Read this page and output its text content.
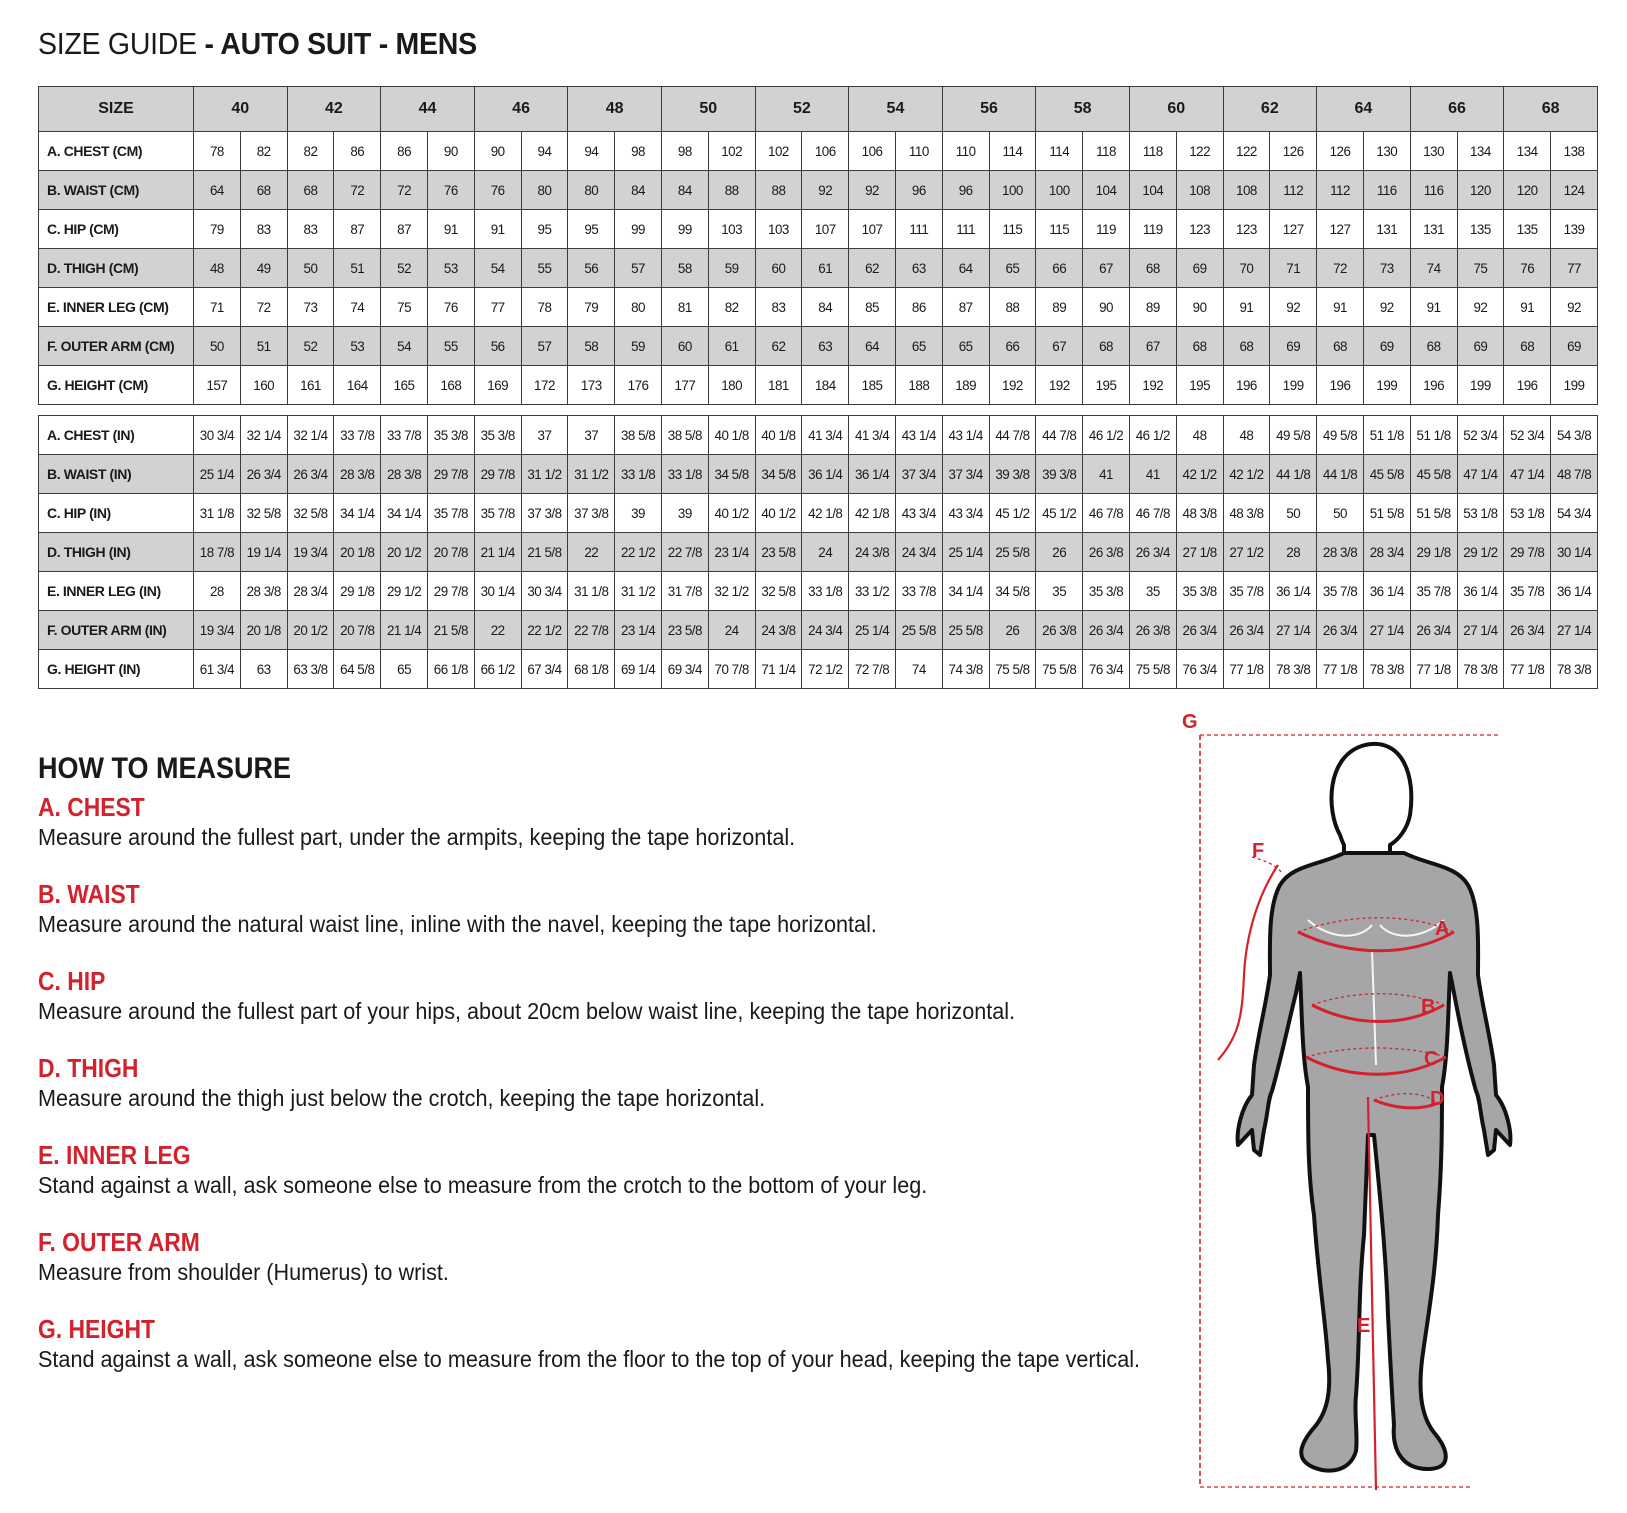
SIZE GUIDE - AUTO SUIT - MENS
SIZE	40		42		44		46		48		50		52		54		56		58		60		62		64		66		68	
A. CHEST (CM)	78	82	82	86	86	90	90	94	94	98	98	102	102	106	106	110	110	114	114	118	118	122	122	126	126	130	130	134	134	138
B. WAIST (CM)	64	68	68	72	72	76	76	80	80	84	84	88	88	92	92	96	96	100	100	104	104	108	108	112	112	116	116	120	120	124
C. HIP (CM)	79	83	83	87	87	91	91	95	95	99	99	103	103	107	107	111	111	115	115	119	119	123	123	127	127	131	131	135	135	139
D. THIGH (CM)	48	49	50	51	52	53	54	55	56	57	58	59	60	61	62	63	64	65	66	67	68	69	70	71	72	73	74	75	76	77
E. INNER LEG (CM)	71	72	73	74	75	76	77	78	79	80	81	82	83	84	85	86	87	88	89	90	89	90	91	92	91	92	91	92	91	92
F. OUTER ARM (CM)	50	51	52	53	54	55	56	57	58	59	60	61	62	63	64	65	65	66	67	68	67	68	68	69	68	69	68	69	68	69
G. HEIGHT (CM)	157	160	161	164	165	168	169	172	173	176	177	180	181	184	185	188	189	192	192	195	192	195	196	199	196	199	196	199	196	199

A. CHEST (IN)	30 3/4	32 1/4	32 1/4	33 7/8	33 7/8	35 3/8	35 3/8	37	37	38 5/8	38 5/8	40 1/8	40 1/8	41 3/4	41 3/4	43 1/4	43 1/4	44 7/8	44 7/8	46 1/2	46 1/2	48	48	49 5/8	49 5/8	51 1/8	51 1/8	52 3/4	52 3/4	54 3/8
B. WAIST (IN)	25 1/4	26 3/4	26 3/4	28 3/8	28 3/8	29 7/8	29 7/8	31 1/2	31 1/2	33 1/8	33 1/8	34 5/8	34 5/8	36 1/4	36 1/4	37 3/4	37 3/4	39 3/8	39 3/8	41	41	42 1/2	42 1/2	44 1/8	44 1/8	45 5/8	45 5/8	47 1/4	47 1/4	48 7/8
C. HIP (IN)	31 1/8	32 5/8	32 5/8	34 1/4	34 1/4	35 7/8	35 7/8	37 3/8	37 3/8	39	39	40 1/2	40 1/2	42 1/8	42 1/8	43 3/4	43 3/4	45 1/2	45 1/2	46 7/8	46 7/8	48 3/8	48 3/8	50	50	51 5/8	51 5/8	53 1/8	53 1/8	54 3/4
D. THIGH (IN)	18 7/8	19 1/4	19 3/4	20 1/8	20 1/2	20 7/8	21 1/4	21 5/8	22	22 1/2	22 7/8	23 1/4	23 5/8	24	24 3/8	24 3/4	25 1/4	25 5/8	26	26 3/8	26 3/4	27 1/8	27 1/2	28	28 3/8	28 3/4	29 1/8	29 1/2	29 7/8	30 1/4
E. INNER LEG (IN)	28	28 3/8	28 3/4	29 1/8	29 1/2	29 7/8	30 1/4	30 3/4	31 1/8	31 1/2	31 7/8	32 1/2	32 5/8	33 1/8	33 1/2	33 7/8	34 1/4	34 5/8	35	35 3/8	35	35 3/8	35 7/8	36 1/4	35 7/8	36 1/4	35 7/8	36 1/4	35 7/8	36 1/4
F. OUTER ARM (IN)	19 3/4	20 1/8	20 1/2	20 7/8	21 1/4	21 5/8	22	22 1/2	22 7/8	23 1/4	23 5/8	24	24 3/8	24 3/4	25 1/4	25 5/8	25 5/8	26	26 3/8	26 3/4	26 3/8	26 3/4	26 3/4	27 1/4	26 3/4	27 1/4	26 3/4	27 1/4	26 3/4	27 1/4
G. HEIGHT (IN)	61 3/4	63	63 3/8	64 5/8	65	66 1/8	66 1/2	67 3/4	68 1/8	69 1/4	69 3/4	70 7/8	71 1/4	72 1/2	72 7/8	74	74 3/8	75 5/8	75 5/8	76 3/4	75 5/8	76 3/4	77 1/8	78 3/8	77 1/8	78 3/8	77 1/8	78 3/8	77 1/8	78 3/8
HOW TO MEASURE
A. CHEST
Measure around the fullest part, under the armpits, keeping the tape horizontal.
B. WAIST
Measure around the natural waist line, inline with the navel, keeping the tape horizontal.
C. HIP
Measure around the fullest part of your hips, about 20cm below waist line, keeping the tape horizontal.
D. THIGH
Measure around the thigh just below the crotch, keeping the tape horizontal.
E. INNER LEG
Stand against a wall, ask someone else to measure from the crotch to the bottom of your leg.
F. OUTER ARM
Measure from shoulder (Humerus) to wrist.
G. HEIGHT
Stand against a wall, ask someone else to measure from the floor to the top of your head, keeping the tape vertical.
G
A
B
C
D
E
F
